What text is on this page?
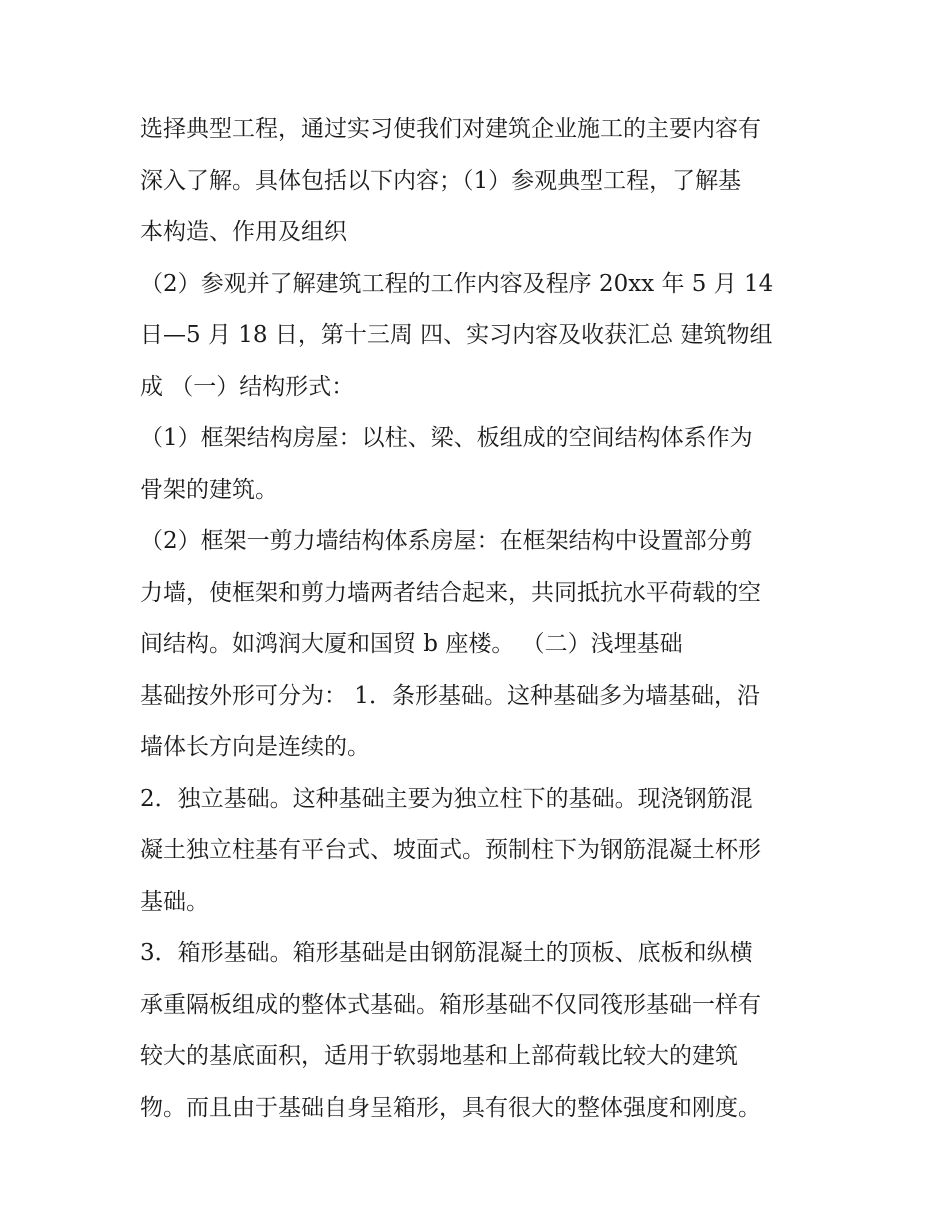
选择典型工程，通过实习使我们对建筑企业施工的主要内容有

深入了解。具体包括以下内容；（1）参观典型工程，了解基

本构造、作用及组织

（2）参观并了解建筑工程的工作内容及程序 20xx 年 5 月 14

日—5 月 18 日，第十三周 四、实习内容及收获汇总 建筑物组

成 （一）结构形式：

（1）框架结构房屋：以柱、梁、板组成的空间结构体系作为

骨架的建筑。

（2）框架一剪力墙结构体系房屋：在框架结构中设置部分剪

力墙，使框架和剪力墙两者结合起来，共同抵抗水平荷载的空

间结构。如鸿润大厦和国贸 b 座楼。 （二）浅埋基础

基础按外形可分为： 1．条形基础。这种基础多为墙基础，沿

墙体长方向是连续的。

2．独立基础。这种基础主要为独立柱下的基础。现浇钢筋混

凝土独立柱基有平台式、坡面式。预制柱下为钢筋混凝土杯形

基础。

3．箱形基础。箱形基础是由钢筋混凝土的顶板、底板和纵横

承重隔板组成的整体式基础。箱形基础不仅同筏形基础一样有

较大的基底面积，适用于软弱地基和上部荷载比较大的建筑

物。而且由于基础自身呈箱形，具有很大的整体强度和刚度。
